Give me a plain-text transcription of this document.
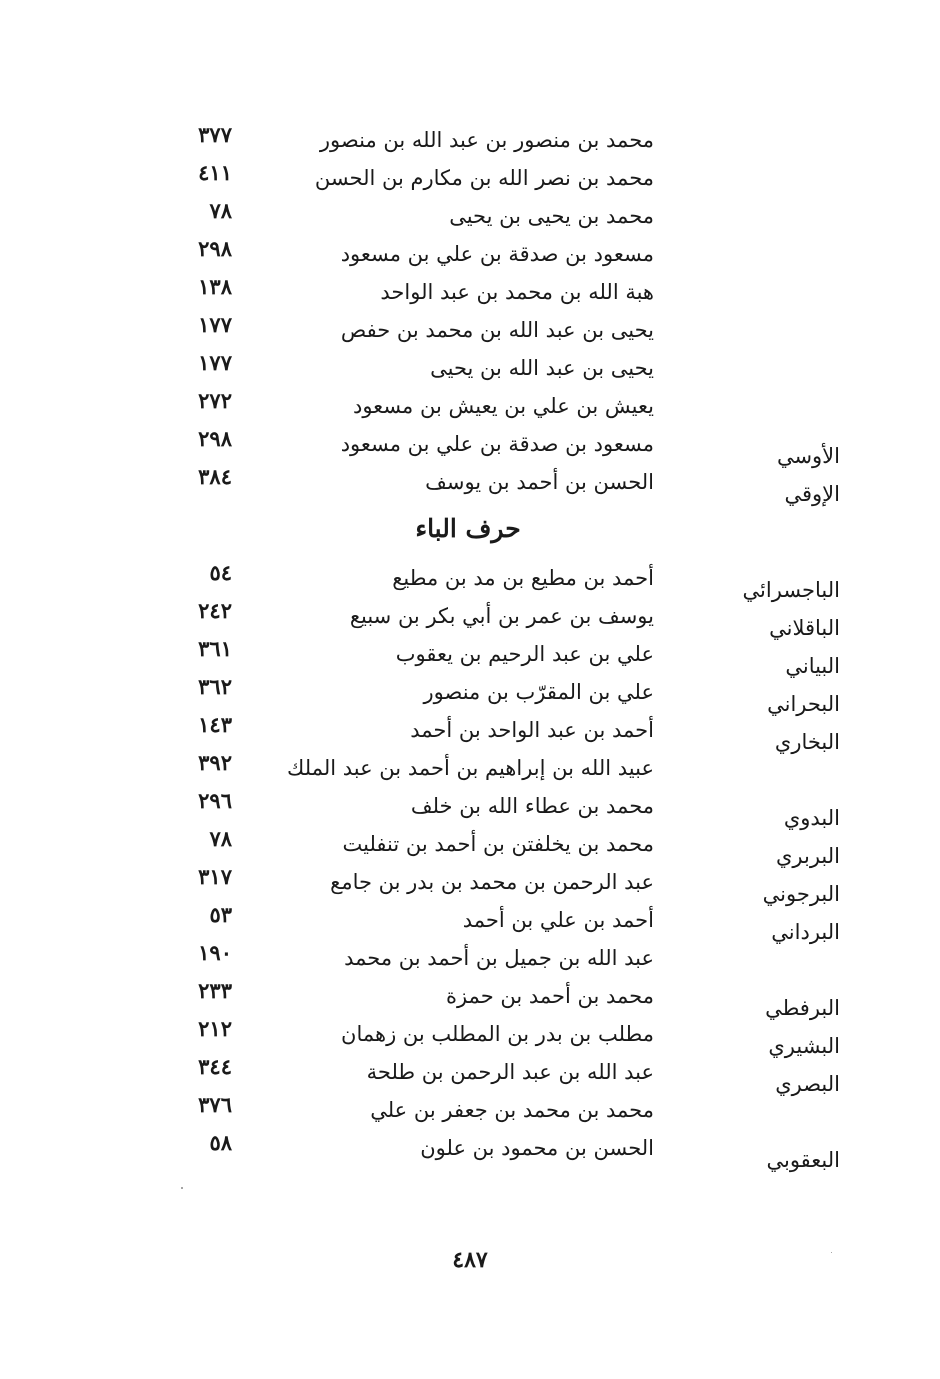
محمد بن منصور بن عبد الله بن منصور
٣٧٧
محمد بن نصر الله بن مكارم بن الحسن
٤١١
محمد بن يحيى بن يحيى
٧٨
مسعود بن صدقة بن علي بن مسعود
٢٩٨
هبة الله بن محمد بن عبد الواحد
١٣٨
يحيى بن عبد الله بن محمد بن حفص
١٧٧
يحيى بن عبد الله بن يحيى
١٧٧
يعيش بن علي بن يعيش بن مسعود
٢٧٢
الأوسي
مسعود بن صدقة بن علي بن مسعود
٢٩٨
الإوقي
الحسن بن أحمد بن يوسف
٣٨٤
حرف الباء
الباجسرائي
أحمد بن مطيع بن مد بن مطيع
٥٤
الباقلاني
يوسف بن عمر بن أبي بكر بن سبيع
٢٤٢
البياني
علي بن عبد الرحيم بن يعقوب
٣٦١
البحراني
علي بن المقرّب بن منصور
٣٦٢
البخاري
أحمد بن عبد الواحد بن أحمد
١٤٣
عبيد الله بن إبراهيم بن أحمد بن عبد الملك
٣٩٢
البدوي
محمد بن عطاء الله بن خلف
٢٩٦
البربري
محمد بن يخلفتن بن أحمد بن تنفليت
٧٨
البرجوني
عبد الرحمن بن محمد بن بدر بن جامع
٣١٧
البرداني
أحمد بن علي بن أحمد
٥٣
عبد الله بن جميل بن أحمد بن محمد
١٩٠
البرفطي
محمد بن أحمد بن حمزة
٢٣٣
البشيري
مطلب بن بدر بن المطلب بن زهمان
٢١٢
البصري
عبد الله بن عبد الرحمن بن طلحة
٣٤٤
محمد بن محمد بن جعفر بن علي
٣٧٦
البعقوبي
الحسن بن محمود بن علون
٥٨
٤٨٧
